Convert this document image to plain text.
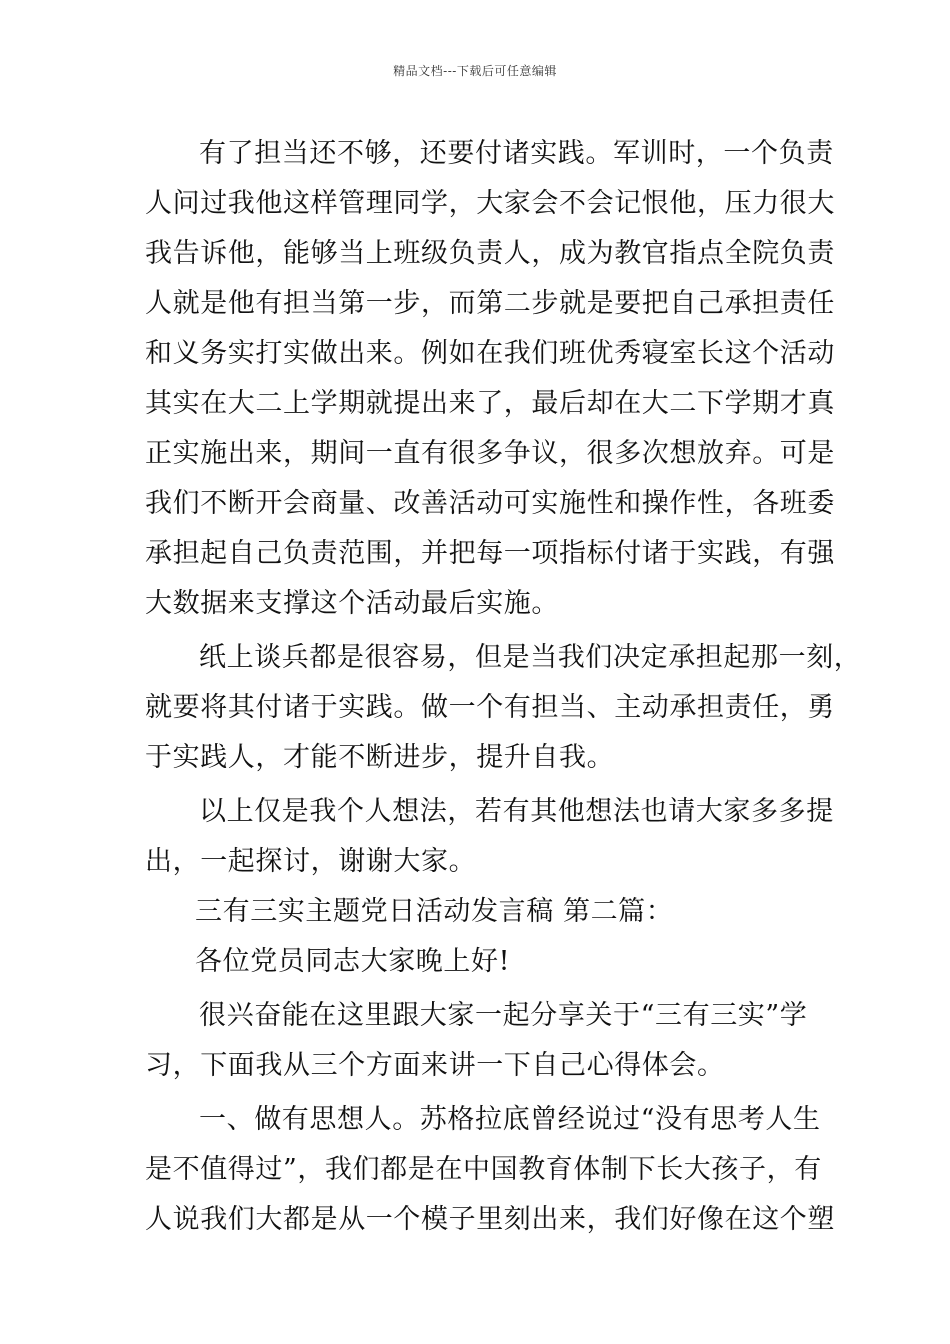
精品文档---下载后可任意编辑
有了担当还不够，还要付诸实践。军训时，一个负责
人问过我他这样管理同学，大家会不会记恨他，压力很大
我告诉他，能够当上班级负责人，成为教官指点全院负责
人就是他有担当第一步，而第二步就是要把自己承担责任
和义务实打实做出来。例如在我们班优秀寝室长这个活动
其实在大二上学期就提出来了，最后却在大二下学期才真
正实施出来，期间一直有很多争议，很多次想放弃。可是
我们不断开会商量、改善活动可实施性和操作性，各班委
承担起自己负责范围，并把每一项指标付诸于实践，有强
大数据来支撑这个活动最后实施。
纸上谈兵都是很容易，但是当我们决定承担起那一刻，
就要将其付诸于实践。做一个有担当、主动承担责任，勇
于实践人，才能不断进步，提升自我。
以上仅是我个人想法，若有其他想法也请大家多多提
出，一起探讨，谢谢大家。
三有三实主题党日活动发言稿 第二篇：
各位党员同志大家晚上好!
很兴奋能在这里跟大家一起分享关于“三有三实”学
习，下面我从三个方面来讲一下自己心得体会。
一、做有思想人。苏格拉底曾经说过“没有思考人生
是不值得过”，我们都是在中国教育体制下长大孩子，有
人说我们大都是从一个模子里刻出来，我们好像在这个塑
